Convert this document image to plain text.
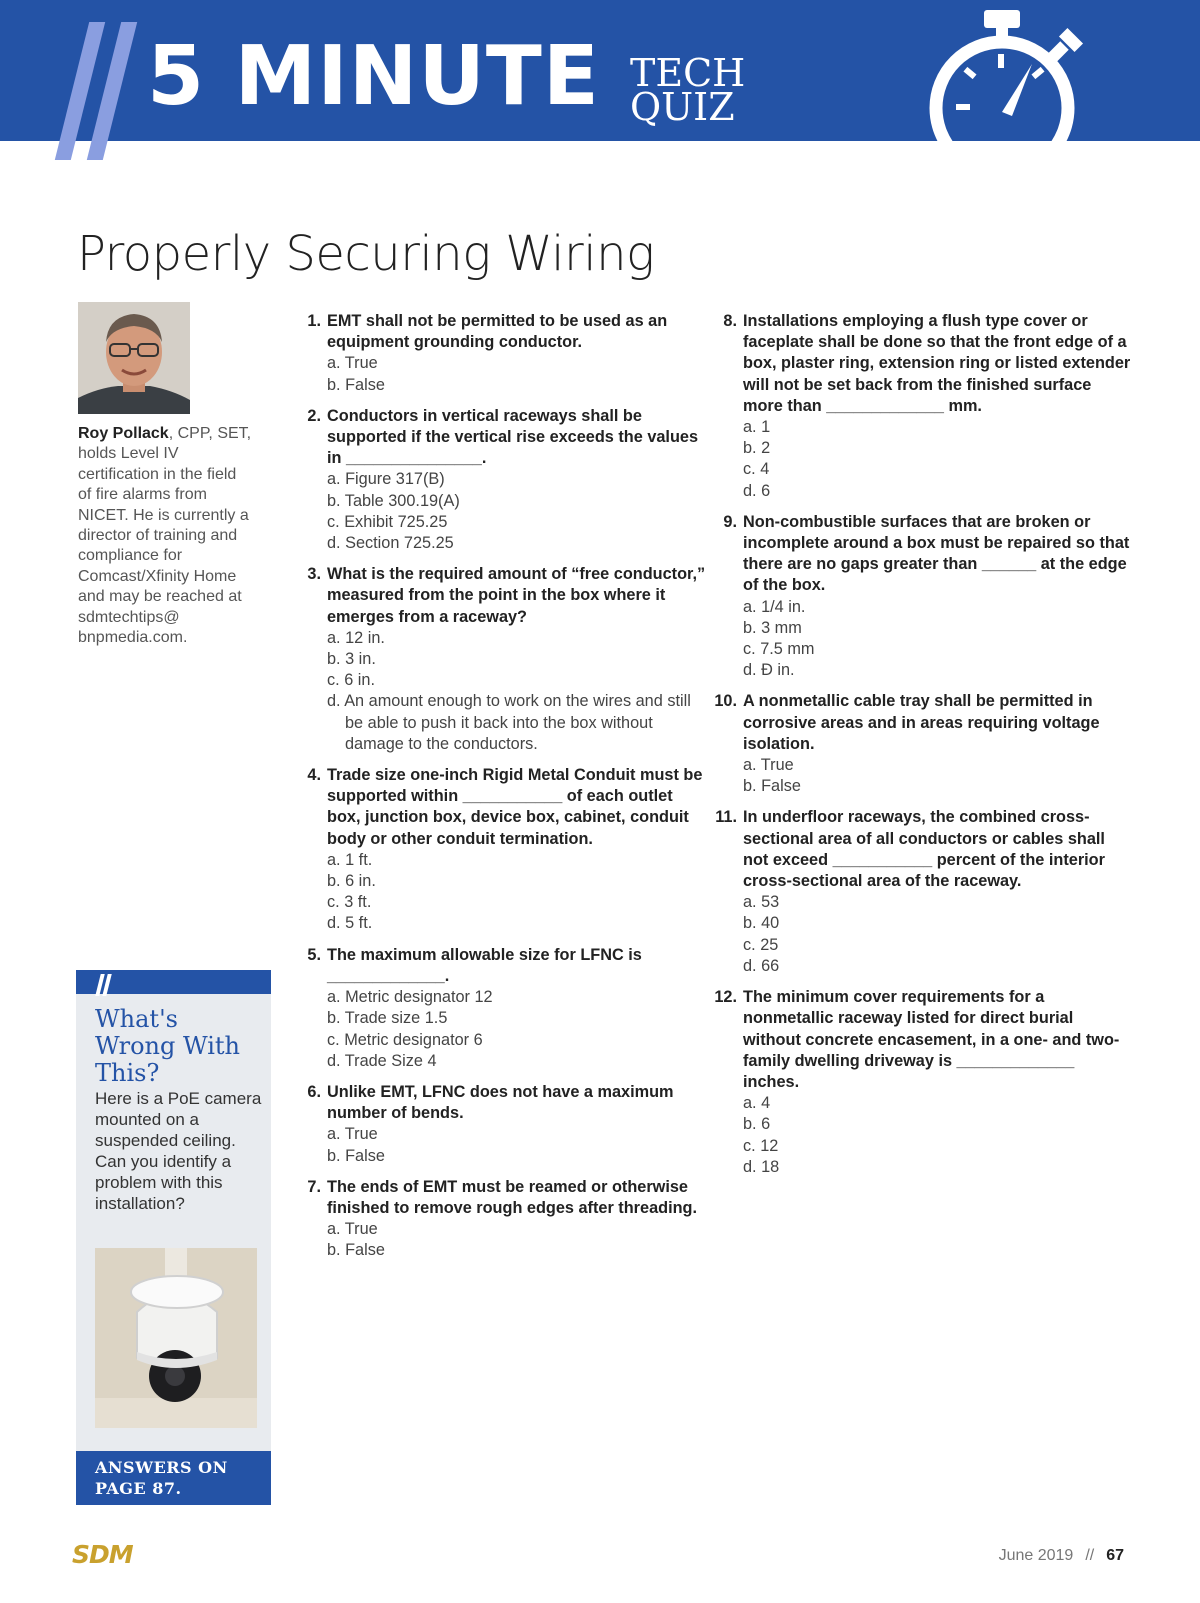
5 MINUTE TECH
QUIZ
Properly Securing Wiring

Roy Pollack, CPP, SET, holds Level IV certification in the field of fire alarms from NICET. He is currently a director of training and compliance for Comcast/Xfinity Home and may be reached at sdmtechtips@ bnpmedia.com.

What's Wrong With This?
Here is a PoE camera mounted on a suspended ceiling. Can you identify a problem with this installation?
ANSWERS ON
PAGE 87.
1. EMT shall not be permitted to be used as an equipment grounding conductor.
a. True
b. False
2. Conductors in vertical raceways shall be supported if the vertical rise exceeds the values in _______________.
a. Figure 317(B)
b. Table 300.19(A)
c. Exhibit 725.25
d. Section 725.25
3. What is the required amount of “free conductor,” measured from the point in the box where it emerges from a raceway?
a. 12 in.
b. 3 in.
c. 6 in.
d. An amount enough to work on the wires and still be able to push it back into the box without damage to the conductors.
4. Trade size one-inch Rigid Metal Conduit must be supported within ___________ of each outlet box, junction box, device box, cabinet, conduit body or other conduit termination.
a. 1 ft.
b. 6 in.
c. 3 ft.
d. 5 ft.
5. The maximum allowable size for LFNC is _____________.
a. Metric designator 12
b. Trade size 1.5
c. Metric designator 6
d. Trade Size 4
6. Unlike EMT, LFNC does not have a maximum number of bends.
a. True
b. False
7. The ends of EMT must be reamed or otherwise finished to remove rough edges after threading.
a. True
b. False
8. Installations employing a flush type cover or faceplate shall be done so that the front edge of a box, plaster ring, extension ring or listed extender will not be set back from the finished surface more than _____________ mm.
a. 1
b. 2
c. 4
d. 6
9. Non-combustible surfaces that are broken or incomplete around a box must be repaired so that there are no gaps greater than ______ at the edge of the box.
a. 1/4 in.
b. 3 mm
c. 7.5 mm
d. Ð in.
10. A nonmetallic cable tray shall be permitted in corrosive areas and in areas requiring voltage isolation.
a. True
b. False
11. In underfloor raceways, the combined cross-sectional area of all conductors or cables shall not exceed ___________ percent of the interior cross-sectional area of the raceway.
a. 53
b. 40
c. 25
d. 66
12. The minimum cover requirements for a nonmetallic raceway listed for direct burial without concrete encasement, in a one- and two-family dwelling driveway is _____________ inches.
a. 4
b. 6
c. 12
d. 18
SDM	June 2019 // 67
